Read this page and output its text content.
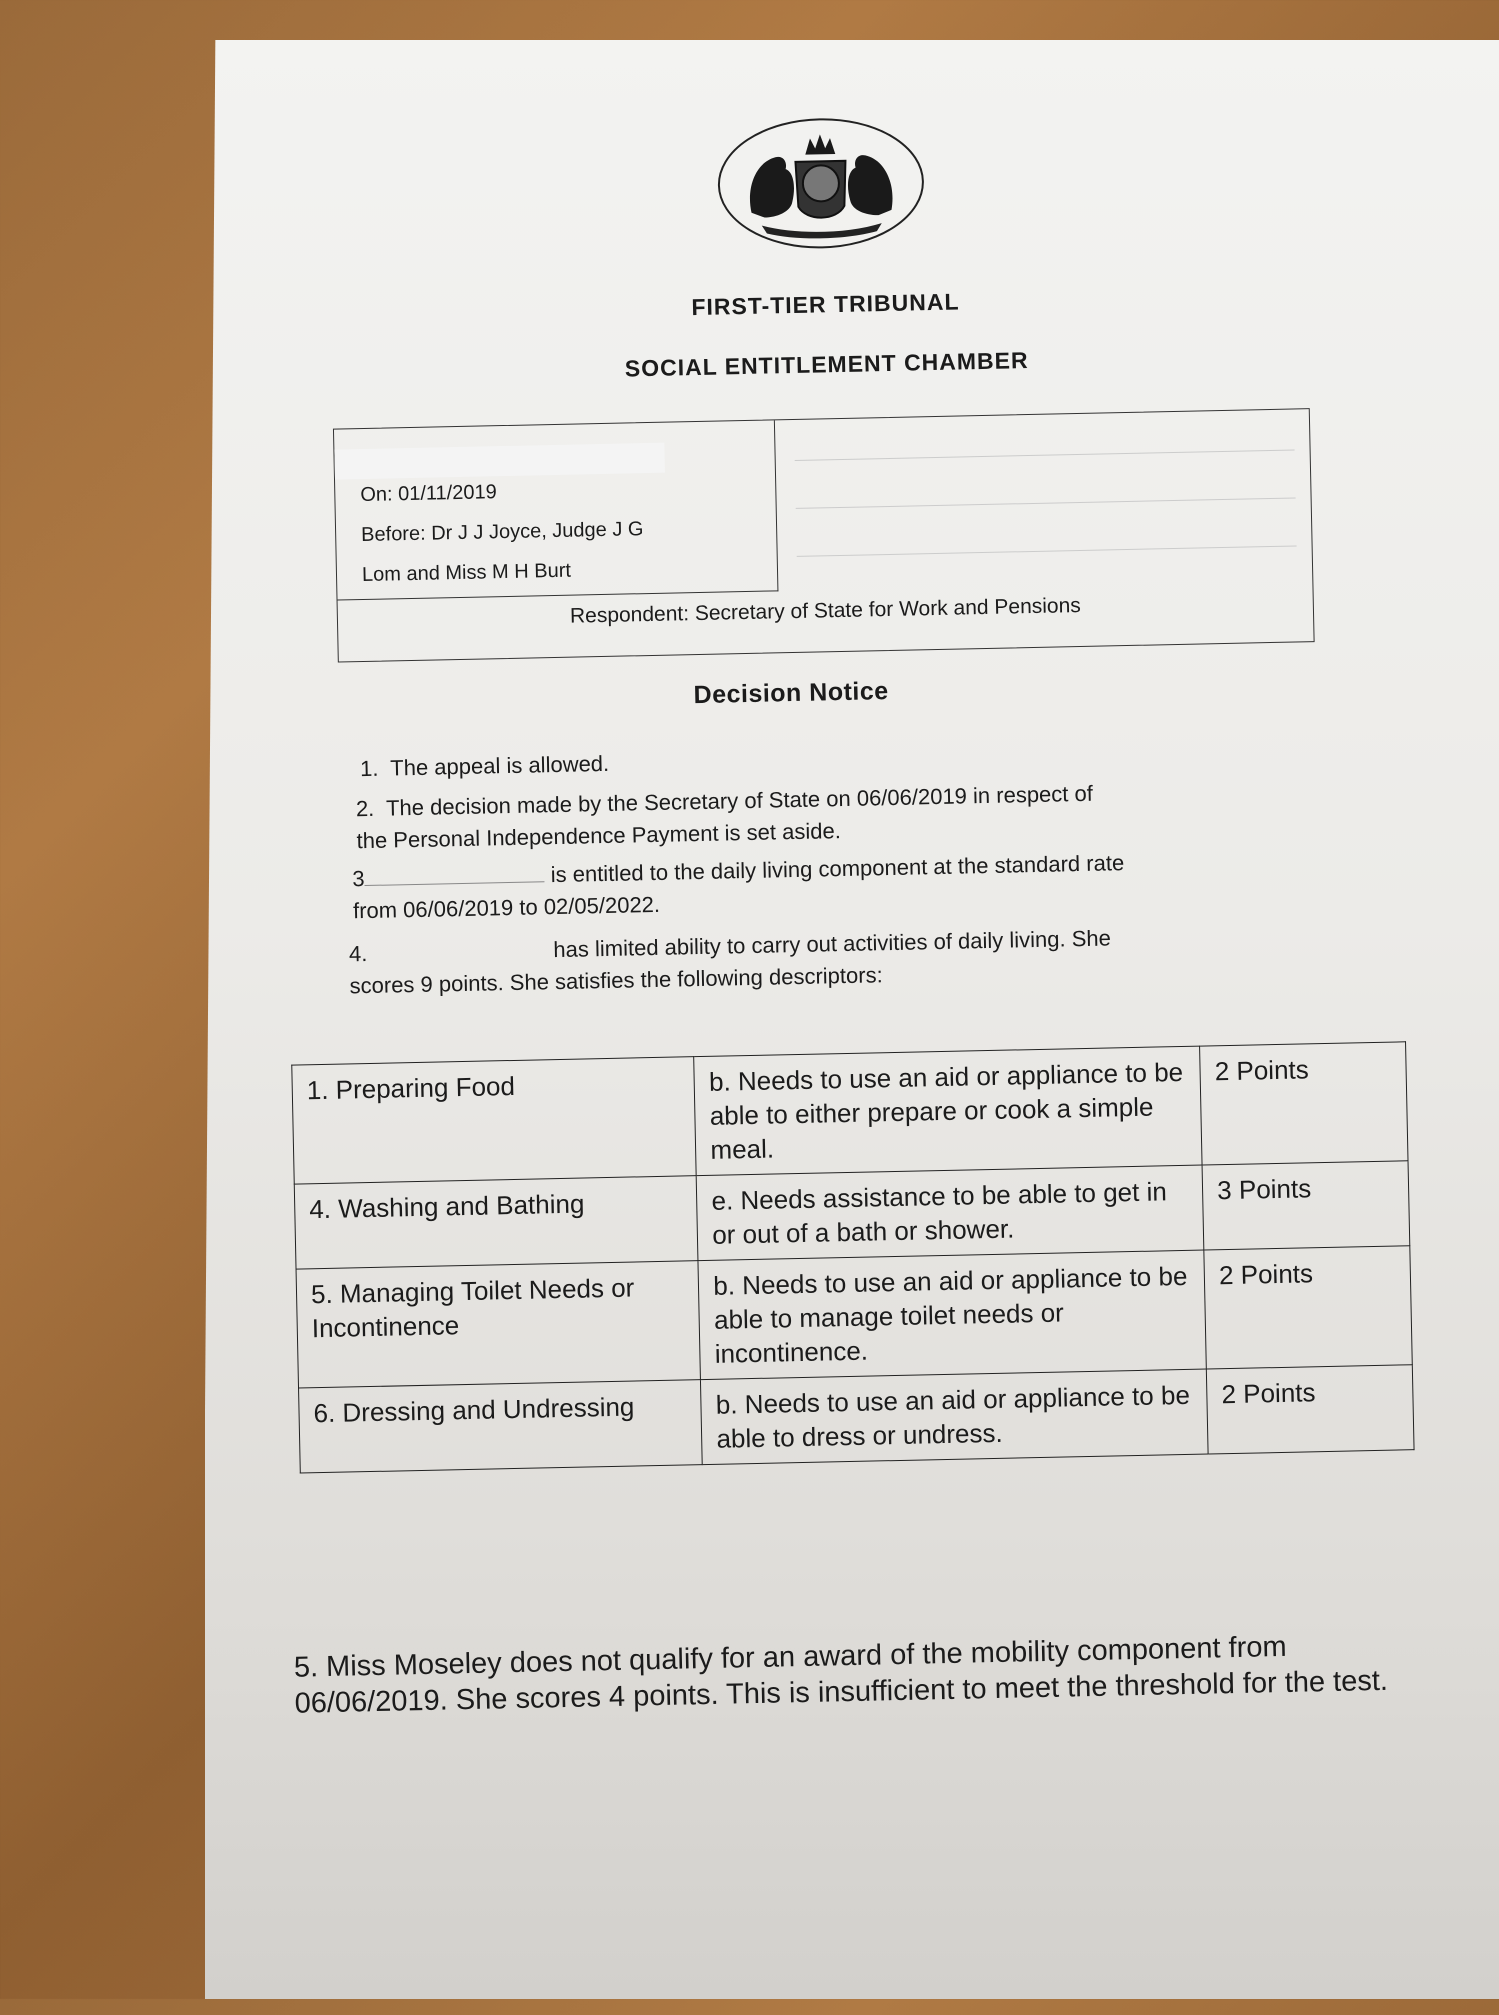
FIRST-TIER TRIBUNAL
SOCIAL ENTITLEMENT CHAMBER
On: 01/11/2019
Before: Dr J J Joyce, Judge J G
Lom and Miss M H Burt
Respondent: Secretary of State for Work and Pensions
Decision Notice
1. The appeal is allowed.
2. The decision made by the Secretary of State on 06/06/2019 in respect of
the Personal Independence Payment is set aside.
3	is entitled to the daily living component at the standard rate
from 06/06/2019 to 02/05/2022.
4.	has limited ability to carry out activities of daily living. She
scores 9 points. She satisfies the following descriptors:
1. Preparing Food	b. Needs to use an aid or appliance to be able to either prepare or cook a simple meal.	2 Points
4. Washing and Bathing	e. Needs assistance to be able to get in or out of a bath or shower.	3 Points
5. Managing Toilet Needs or Incontinence	b. Needs to use an aid or appliance to be able to manage toilet needs or incontinence.	2 Points
6. Dressing and Undressing	b. Needs to use an aid or appliance to be able to dress or undress.	2 Points
5. Miss Moseley does not qualify for an award of the mobility component from 06/06/2019. She scores 4 points. This is insufficient to meet the threshold for the test.
